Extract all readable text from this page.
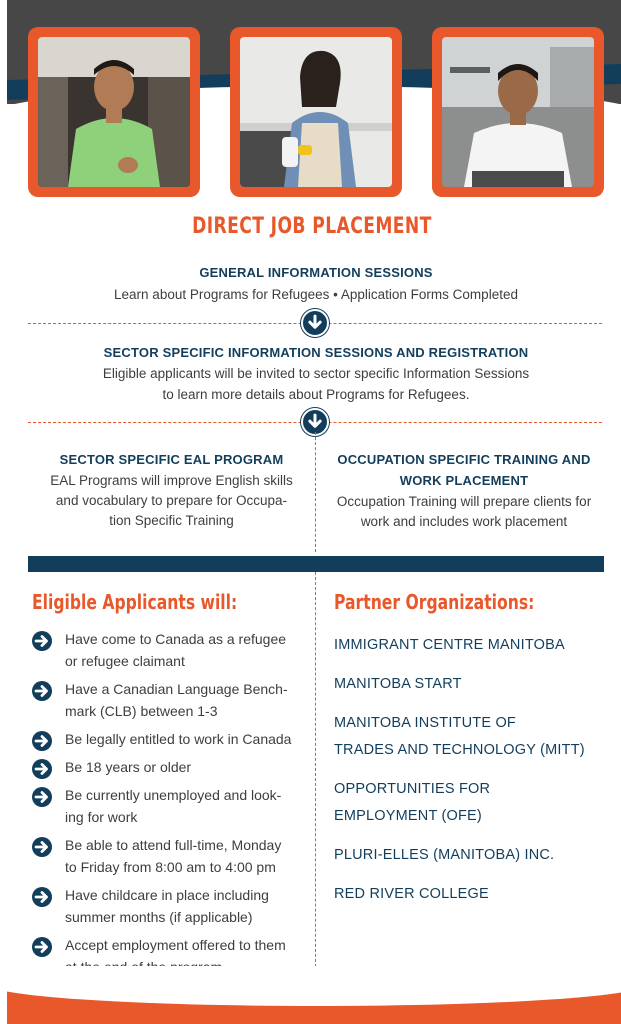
DIRECT JOB PLACEMENT
GENERAL INFORMATION SESSIONS
Learn about Programs for Refugees • Application Forms Completed
SECTOR SPECIFIC INFORMATION SESSIONS AND REGISTRATION
Eligible applicants will be invited to sector specific Information Sessions
to learn more details about Programs for Refugees.
SECTOR SPECIFIC EAL PROGRAM
EAL Programs will improve English skills
and vocabulary to prepare for Occupa-
tion Specific Training
OCCUPATION SPECIFIC TRAINING AND
WORK PLACEMENT
Occupation Training will prepare clients for
work and includes work placement
Eligible Applicants will:	Partner Organizations:
Have come to Canada as a refugee
or refugee claimant
Have a Canadian Language Bench-
mark (CLB) between 1-3
Be legally entitled to work in Canada
Be 18 years or older
Be currently unemployed and look-
ing for work
Be able to attend full-time, Monday
to Friday from 8:00 am to 4:00 pm
Have childcare in place including
summer months (if applicable)
Accept employment offered to them
IMMIGRANT CENTRE MANITOBA
MANITOBA START
MANITOBA INSTITUTE OF
TRADES AND TECHNOLOGY (MITT)
OPPORTUNITIES FOR
EMPLOYMENT (OFE)
PLURI-ELLES (MANITOBA) INC.
RED RIVER COLLEGE
